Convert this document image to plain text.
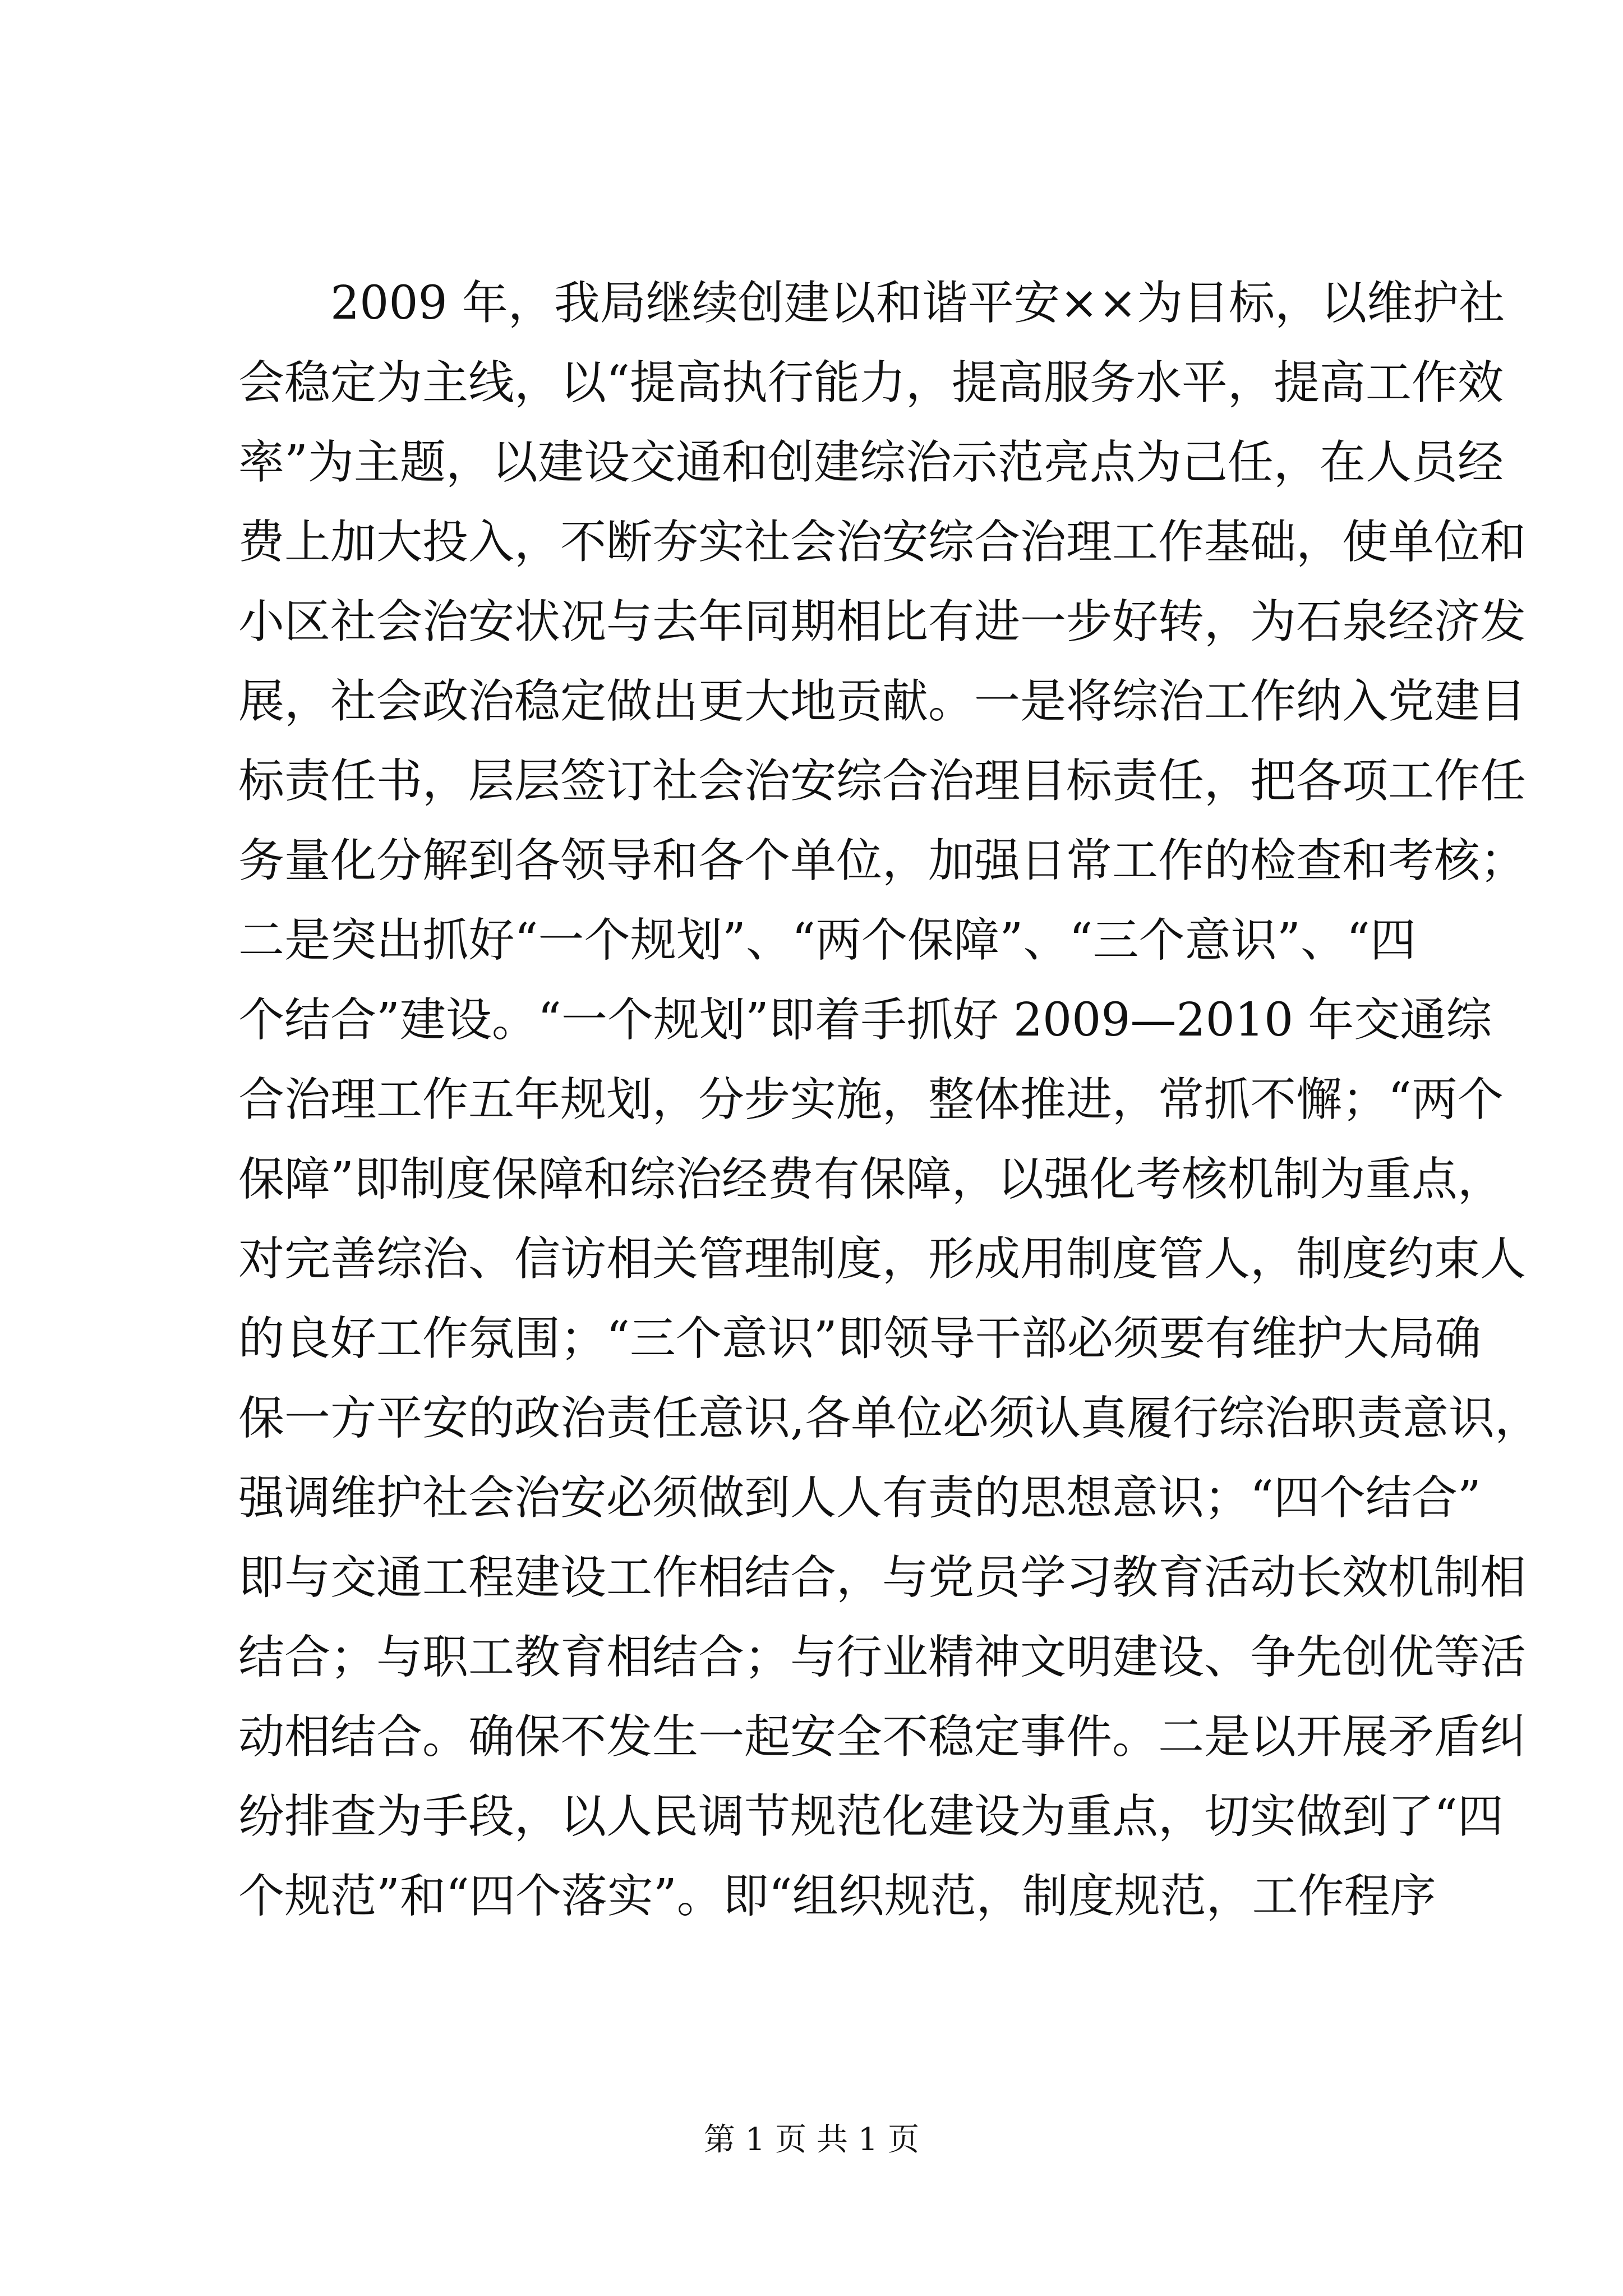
2009 年，我局继续创建以和谐平安××为目标，以维护社
会稳定为主线，以“提高执行能力，提高服务水平，提高工作效
率”为主题，以建设交通和创建综治示范亮点为己任，在人员经
费上加大投入，不断夯实社会治安综合治理工作基础，使单位和
小区社会治安状况与去年同期相比有进一步好转，为石泉经济发
展，社会政治稳定做出更大地贡献。一是将综治工作纳入党建目
标责任书，层层签订社会治安综合治理目标责任，把各项工作任
务量化分解到各领导和各个单位，加强日常工作的检查和考核；
二是突出抓好“一个规划”、“两个保障”、“三个意识”、“四
个结合”建设。“一个规划”即着手抓好 2009—2010 年交通综
合治理工作五年规划，分步实施，整体推进，常抓不懈；“两个
保障”即制度保障和综治经费有保障，以强化考核机制为重点，
对完善综治、信访相关管理制度，形成用制度管人，制度约束人
的良好工作氛围；“三个意识”即领导干部必须要有维护大局确
保一方平安的政治责任意识,各单位必须认真履行综治职责意识，
强调维护社会治安必须做到人人有责的思想意识；“四个结合”
即与交通工程建设工作相结合，与党员学习教育活动长效机制相
结合；与职工教育相结合；与行业精神文明建设、争先创优等活
动相结合。确保不发生一起安全不稳定事件。二是以开展矛盾纠
纷排查为手段，以人民调节规范化建设为重点，切实做到了“四
个规范”和“四个落实”。即“组织规范，制度规范，工作程序
第 1 页 共 1 页
